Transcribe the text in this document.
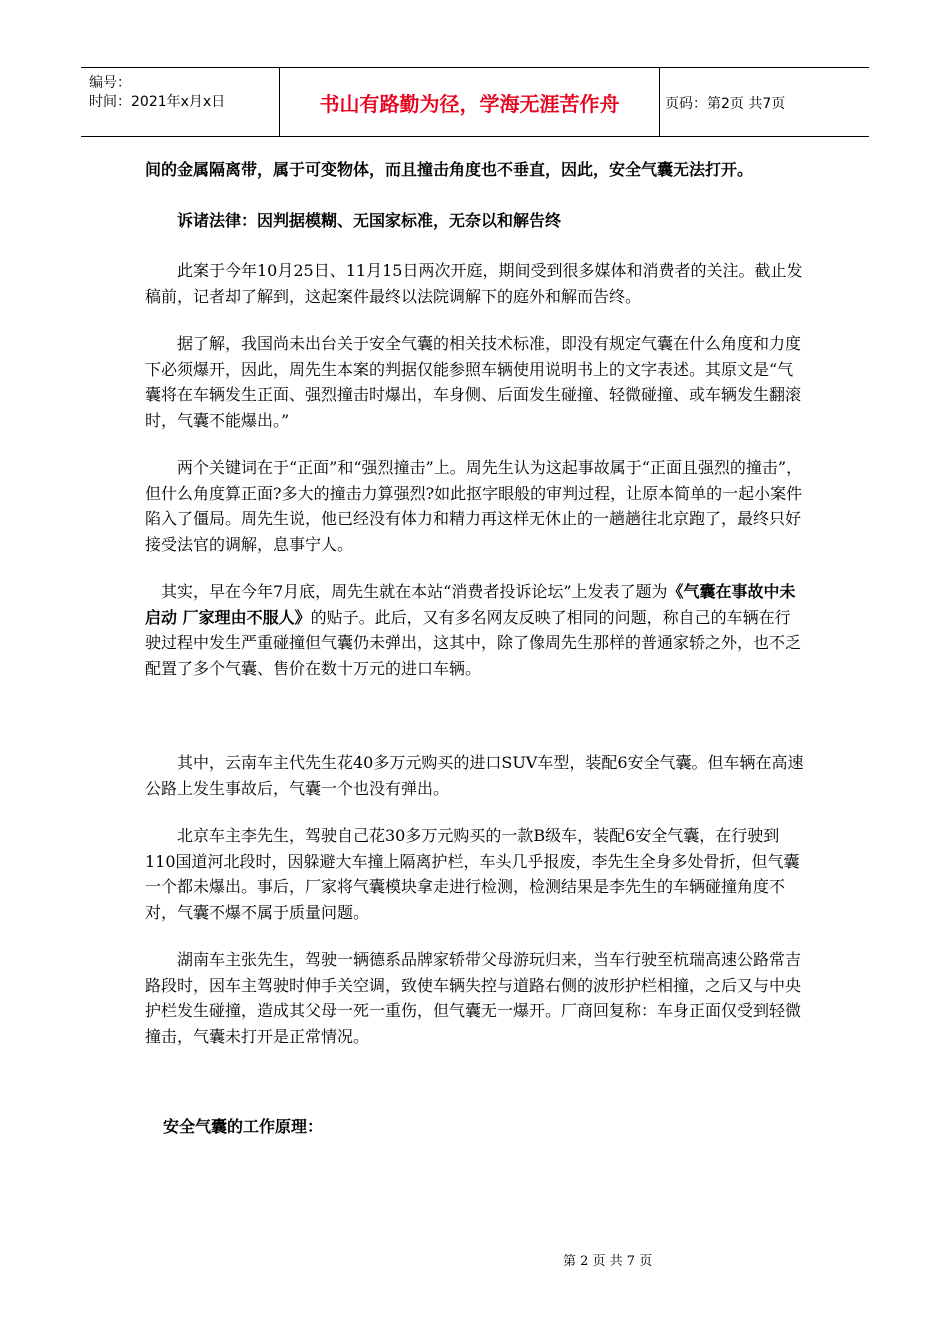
编号：
时间：2021年x月x日	书山有路勤为径，学海无涯苦作舟	页码：第2页 共7页

间的金属隔离带，属于可变物体，而且撞击角度也不垂直，因此，安全气囊无法打开。

诉诸法律：因判据模糊、无国家标准，无奈以和解告终

此案于今年10月25日、11月15日两次开庭，期间受到很多媒体和消费者的关注。截止发稿前，记者却了解到，这起案件最终以法院调解下的庭外和解而告终。

据了解，我国尚未出台关于安全气囊的相关技术标准，即没有规定气囊在什么角度和力度下必须爆开，因此，周先生本案的判据仅能参照车辆使用说明书上的文字表述。其原文是“气囊将在车辆发生正面、强烈撞击时爆出，车身侧、后面发生碰撞、轻微碰撞、或车辆发生翻滚时，气囊不能爆出。”

两个关键词在于“正面”和“强烈撞击”上。周先生认为这起事故属于“正面且强烈的撞击”，但什么角度算正面?多大的撞击力算强烈?如此抠字眼般的审判过程，让原本简单的一起小案件陷入了僵局。周先生说，他已经没有体力和精力再这样无休止的一趟趟往北京跑了，最终只好接受法官的调解，息事宁人。

其实，早在今年7月底，周先生就在本站“消费者投诉论坛”上发表了题为《气囊在事故中未启动 厂家理由不服人》的贴子。此后，又有多名网友反映了相同的问题，称自己的车辆在行驶过程中发生严重碰撞但气囊仍未弹出，这其中，除了像周先生那样的普通家轿之外，也不乏配置了多个气囊、售价在数十万元的进口车辆。

其中，云南车主代先生花40多万元购买的进口SUV车型，装配6安全气囊。但车辆在高速公路上发生事故后，气囊一个也没有弹出。

北京车主李先生，驾驶自己花30多万元购买的一款B级车，装配6安全气囊，在行驶到110国道河北段时，因躲避大车撞上隔离护栏，车头几乎报废，李先生全身多处骨折，但气囊一个都未爆出。事后，厂家将气囊模块拿走进行检测，检测结果是李先生的车辆碰撞角度不对，气囊不爆不属于质量问题。

湖南车主张先生，驾驶一辆德系品牌家轿带父母游玩归来，当车行驶至杭瑞高速公路常吉路段时，因车主驾驶时伸手关空调，致使车辆失控与道路右侧的波形护栏相撞，之后又与中央护栏发生碰撞，造成其父母一死一重伤，但气囊无一爆开。厂商回复称：车身正面仅受到轻微撞击，气囊未打开是正常情况。

安全气囊的工作原理：

第 2 页 共 7 页
